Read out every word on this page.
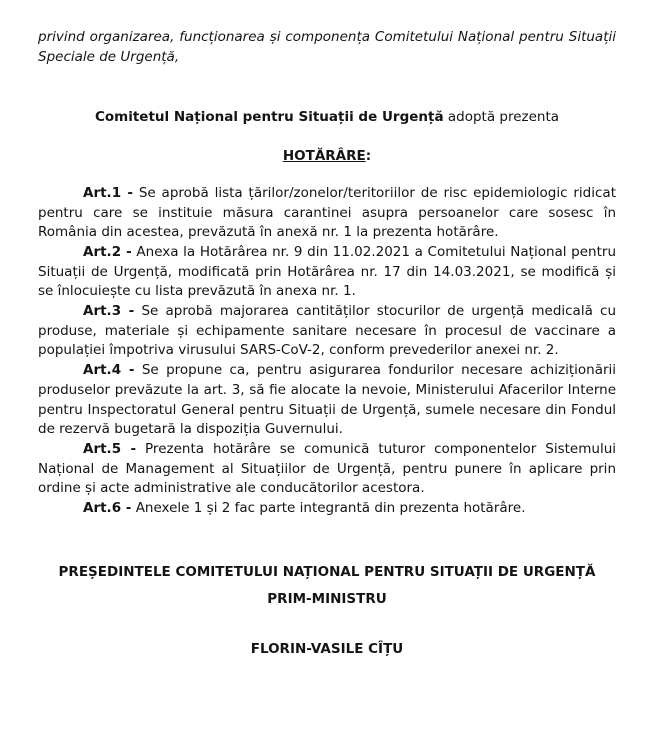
privind organizarea, funcționarea și componența Comitetului Național pentru Situații Speciale de Urgență,

Comitetul Național pentru Situații de Urgență adoptă prezenta

HOTĂRÂRE:

Art.1 - Se aprobă lista țărilor/zonelor/teritoriilor de risc epidemiologic ridicat pentru care se instituie măsura carantinei asupra persoanelor care sosesc în România din acestea, prevăzută în anexă nr. 1 la prezenta hotărâre.

Art.2 - Anexa la Hotărârea nr. 9 din 11.02.2021 a Comitetului Național pentru Situații de Urgență, modificată prin Hotărârea nr. 17 din 14.03.2021, se modifică și se înlocuiește cu lista prevăzută în anexa nr. 1.

Art.3 - Se aprobă majorarea cantităților stocurilor de urgență medicală cu produse, materiale și echipamente sanitare necesare în procesul de vaccinare a populației împotriva virusului SARS-CoV-2, conform prevederilor anexei nr. 2.

Art.4 - Se propune ca, pentru asigurarea fondurilor necesare achiziționării produselor prevăzute la art. 3, să fie alocate la nevoie, Ministerului Afacerilor Interne pentru Inspectoratul General pentru Situații de Urgență, sumele necesare din Fondul de rezervă bugetară la dispoziția Guvernului.

Art.5 - Prezenta hotărâre se comunică tuturor componentelor Sistemului Național de Management al Situațiilor de Urgență, pentru punere în aplicare prin ordine și acte administrative ale conducătorilor acestora.

Art.6 - Anexele 1 și 2 fac parte integrantă din prezenta hotărâre.

PREȘEDINTELE COMITETULUI NAȚIONAL PENTRU SITUAȚII DE URGENȚĂ
PRIM-MINISTRU
FLORIN-VASILE CÎȚU
